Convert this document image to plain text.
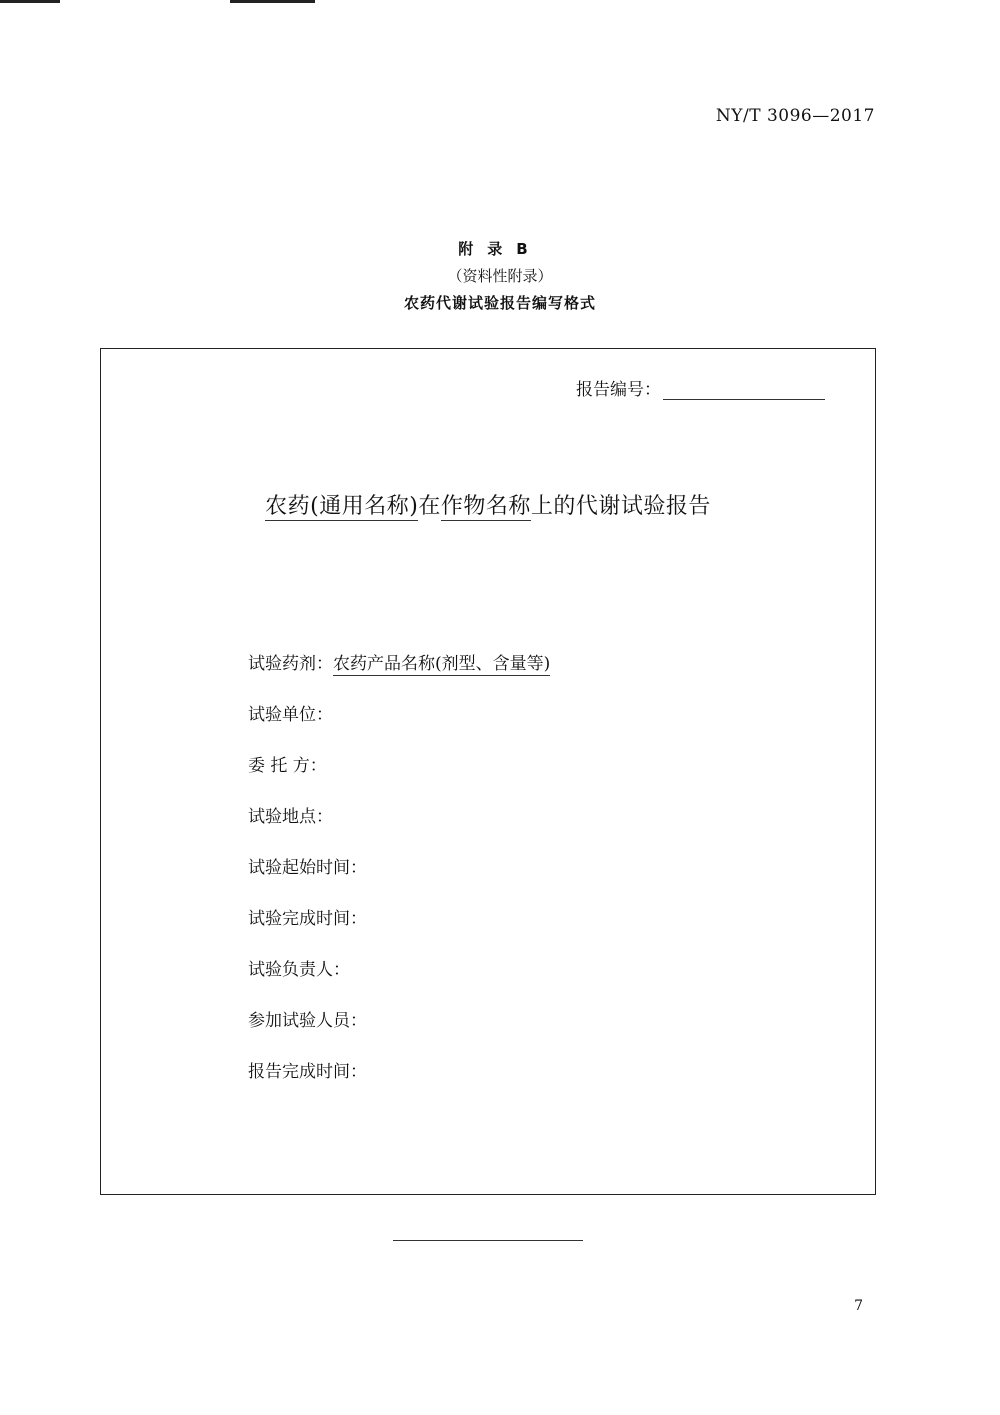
NY/T 3096—2017
附录B
（资料性附录）
农药代谢试验报告编写格式
报告编号：
农药(通用名称)在作物名称上的代谢试验报告
试验药剂：农药产品名称(剂型、含量等)
试验单位：
委 托 方：
试验地点：
试验起始时间：
试验完成时间：
试验负责人：
参加试验人员：
报告完成时间：
7
